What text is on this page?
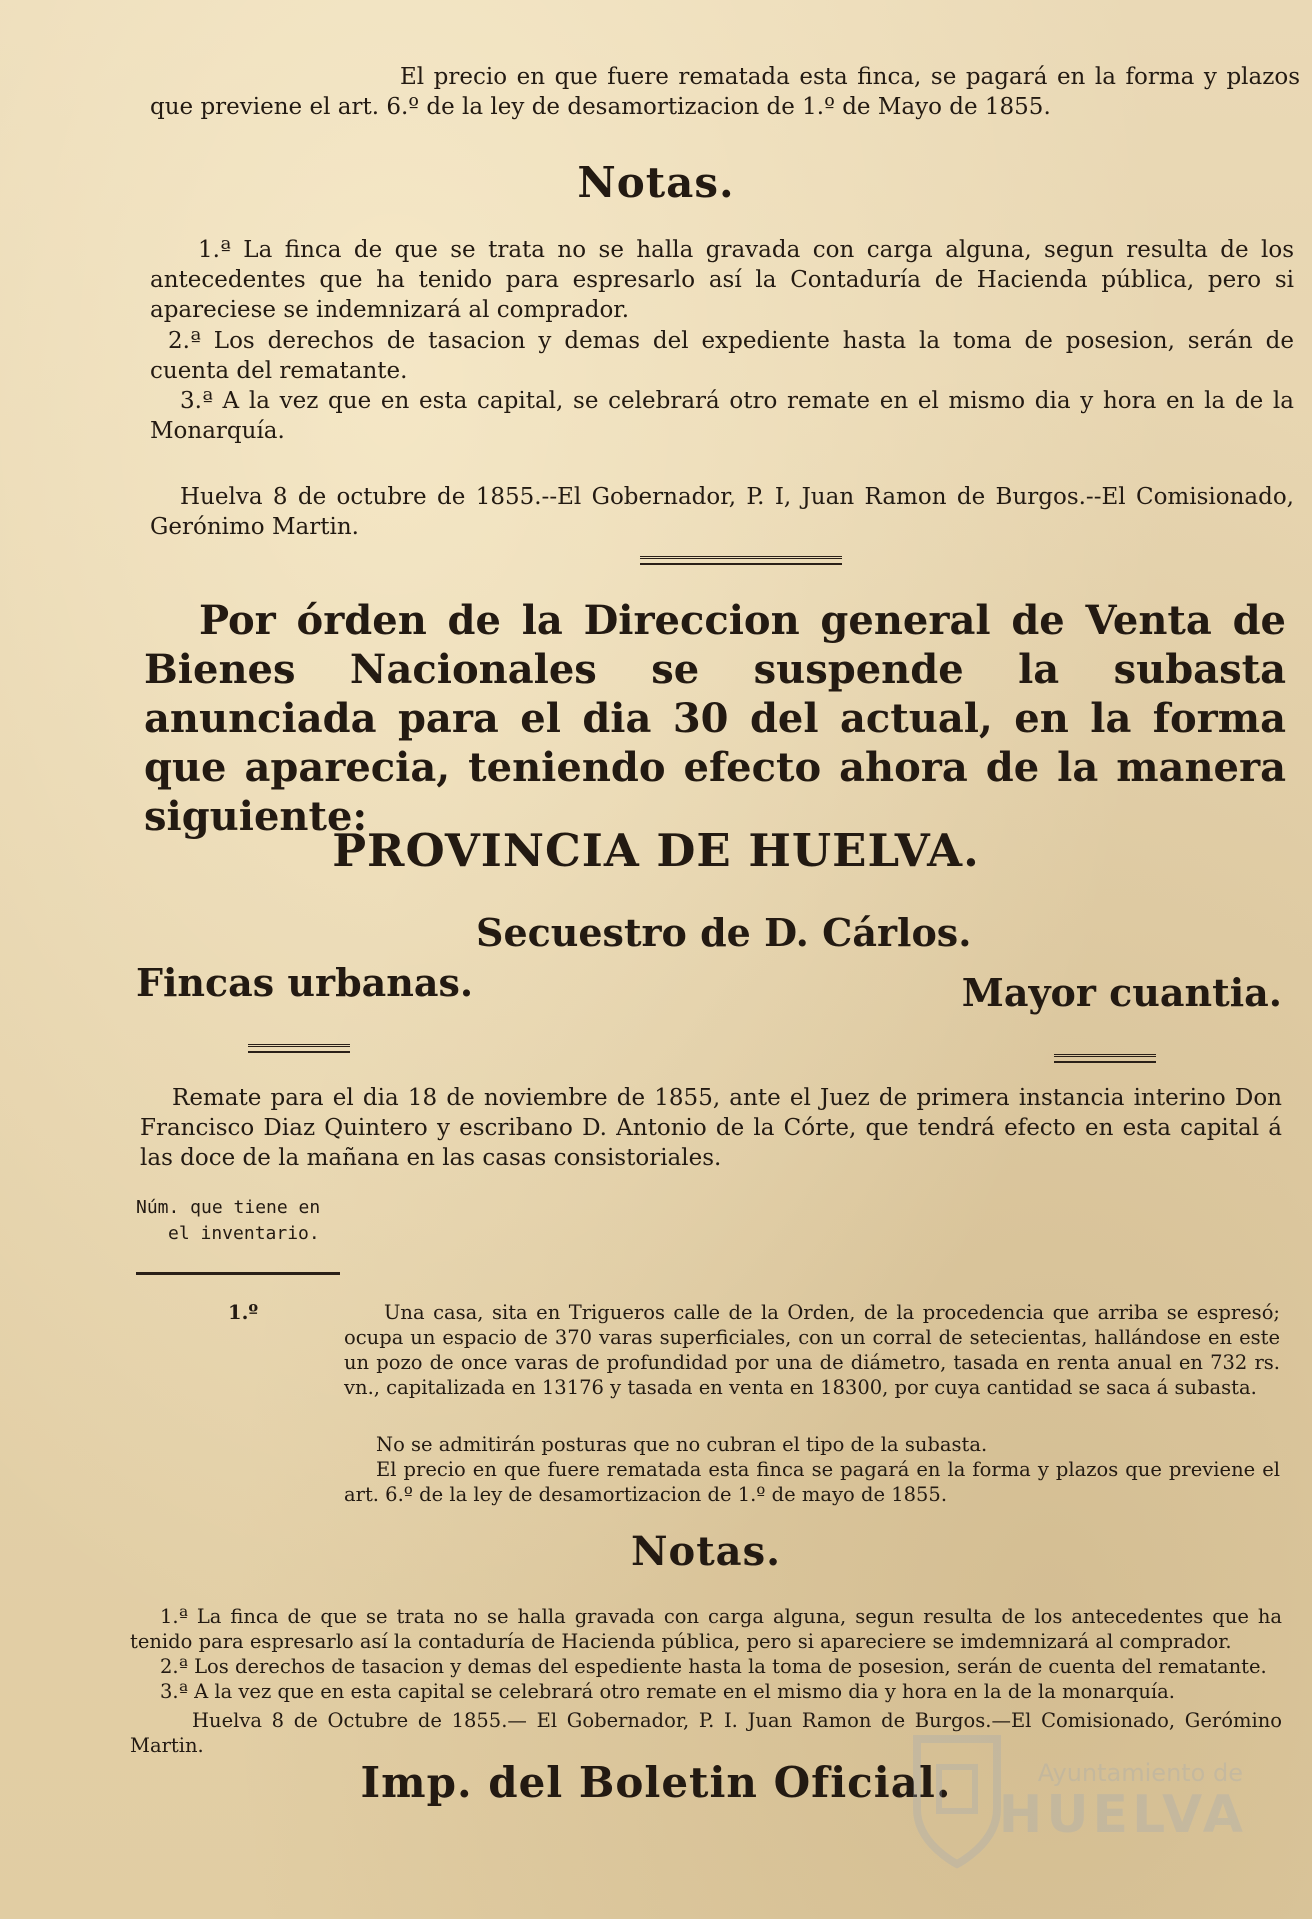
El precio en que fuere rematada esta finca, se pagará en la forma y plazos que previene el art. 6.º de la ley de desamortizacion de 1.º de Mayo de 1855.

Notas.

1.ª La finca de que se trata no se halla gravada con carga alguna, segun resulta de los antecedentes que ha tenido para espresarlo así la Contaduría de Hacienda pública, pero si apareciese se indemnizará al comprador.

2.ª Los derechos de tasacion y demas del expediente hasta la toma de posesion, serán de cuenta del rematante.

3.ª A la vez que en esta capital, se celebrará otro remate en el mismo dia y hora en la de la Monarquía.

Huelva 8 de octubre de 1855.--El Gobernador, P. I, Juan Ramon de Burgos.--El Comisionado, Gerónimo Martin.

Por órden de la Direccion general de Venta de Bienes Nacionales se suspende la subasta anunciada para el dia 30 del actual, en la forma que aparecia, teniendo efecto ahora de la manera siguiente:

PROVINCIA DE HUELVA.
Secuestro de D. Cárlos.
Fincas urbanas.	Mayor cuantia.

Remate para el dia 18 de noviembre de 1855, ante el Juez de primera instancia interino Don Francisco Diaz Quintero y escribano D. Antonio de la Córte, que tendrá efecto en esta capital á las doce de la mañana en las casas consistoriales.

Núm. que tiene en
el inventario.
1.º	Una casa, sita en Trigueros calle de la Orden, de la procedencia que arriba se espresó; ocupa un espacio de 370 varas superficiales, con un corral de setecientas, hallándose en este un pozo de once varas de profundidad por una de diámetro, tasada en renta anual en 732 rs. vn., capitalizada en 13176 y tasada en venta en 18300, por cuya cantidad se saca á subasta.

No se admitirán posturas que no cubran el tipo de la subasta.

El precio en que fuere rematada esta finca se pagará en la forma y plazos que previene el art. 6.º de la ley de desamortizacion de 1.º de mayo de 1855.

Notas.

1.ª La finca de que se trata no se halla gravada con carga alguna, segun resulta de los antecedentes que ha tenido para espresarlo así la contaduría de Hacienda pública, pero si apareciere se imdemnizará al comprador.

2.ª Los derechos de tasacion y demas del espediente hasta la toma de posesion, serán de cuenta del rematante.

3.ª A la vez que en esta capital se celebrará otro remate en el mismo dia y hora en la de la monarquía.

Huelva 8 de Octubre de 1855.— El Gobernador, P. I. Juan Ramon de Burgos.—El Comisionado, Gerómino Martin.

Imp. del Boletin Oficial.	Ayuntamiento de
HUELVA
